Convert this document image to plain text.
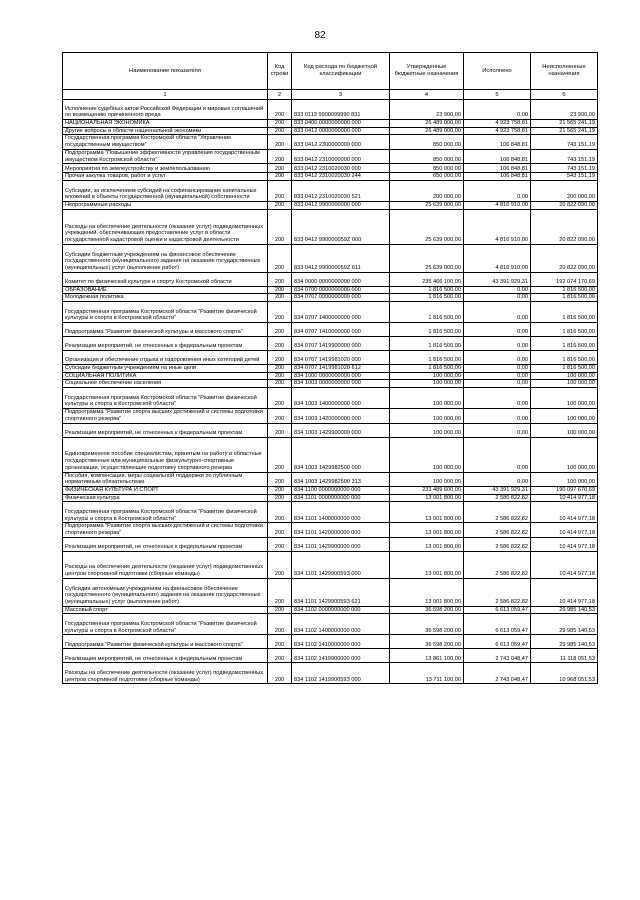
82
Наименование показателя	Код строки	Код расхода по бюджетной классификации	Утвержденные бюджетные назначения	Исполнено	Неисполненные назначения
1	2	3	4	5	6
Исполнение судебных актов Российской Федерации и мировых соглашений по возмещению причиненного вреда	200	833 0113 9900099990 831	23 900,00	0,00	23 900,00
НАЦИОНАЛЬНАЯ ЭКОНОМИКА	200	833 0400 0000000000 000	26 489 000,00	4 923 758,81	21 565 241,19
Другие вопросы в области национальной экономики	200	833 0412 0000000000 000	26 489 000,00	4 923 758,81	21 565 241,19
Государственная программа Костромской области "Управление государственным имуществом"	200	833 0412 2300000000 000	850 000,00	106 848,81	743 151,19
Подпрограмма "Повышение эффективности управления государственным имуществом Костромской области"	200	833 0412 2310000000 000	850 000,00	106 848,81	743 151,19
Мероприятия по землеустройству и землепользованию	200	833 0412 2310020030 000	850 000,00	106 848,81	743 151,19
Прочая закупка товаров, работ и услуг	200	833 0412 2310020030 244	650 000,00	106 848,81	543 151,19
Субсидии, за исключением субсидий на софинансирование капитальных вложений в объекты государственной (муниципальной) собственности	200	833 0412 2310020030 521	200 000,00	0,00	200 000,00
Непрограммные расходы	200	833 0412 9900000000 000	25 639 000,00	4 816 910,00	20 822 090,00
Расходы на обеспечение деятельности (оказание услуг) подведомственных учреждений, обеспечивающих предоставление услуг в области государственной кадастровой оценки и кадастровой деятельности	200	833 0412 990000059Z 000	25 639 000,00	4 816 910,00	20 822 090,00
Субсидии бюджетным учреждениям на финансовое обеспечение государственного (муниципального) задания на оказание государственных (муниципальных) услуг (выполнение работ)	200	833 0412 990000059Z 611	25 639 000,00	4 816 910,00	20 822 090,00
Комитет по физической культуре и спорту Костромской области	200	834 0000 0000000000 000	235 466 100,00	43 391 929,31	192 074 170,69
ОБРАЗОВАНИЕ	200	834 0700 0000000000 000	1 816 500,00	0,00	1 816 500,00
Молодежная политика	200	834 0707 0000000000 000	1 816 500,00	0,00	1 816 500,00
Государственная программа Костромской области "Развитие физической культуры и спорта в Костромской области"	200	834 0707 1400000000 000	1 816 500,00	0,00	1 816 500,00
Подпрограмма "Развитие физической культуры и массового спорта"	200	834 0707 1410000000 000	1 816 500,00	0,00	1 816 500,00
Реализация мероприятий, не отнесенных к федеральным проектам	200	834 0707 1419900000 000	1 816 500,00	0,00	1 816 500,00
Организация и обеспечение отдыха и оздоровления иных категорий детей	200	834 0707 1419981020 000	1 816 500,00	0,00	1 816 500,00
Субсидии бюджетным учреждениям на иные цели	200	834 0707 1419981020 612	1 816 500,00	0,00	1 816 500,00
СОЦИАЛЬНАЯ ПОЛИТИКА	200	834 1000 0000000000 000	100 000,00	0,00	100 000,00
Социальное обеспечение населения	200	834 1003 0000000000 000	100 000,00	0,00	100 000,00
Государственная программа Костромской области "Развитие физической культуры и спорта в Костромской области"	200	834 1003 1400000000 000	100 000,00	0,00	100 000,00
Подпрограмма "Развитие спорта высших достижений и системы подготовки спортивного резерва"	200	834 1003 1420000000 000	100 000,00	0,00	100 000,00
Реализация мероприятий, не отнесенных к федеральным проектам	200	834 1003 1429900000 000	100 000,00	0,00	100 000,00
Единовременное пособие специалистам, принятым на работу в областные государственные или муниципальные физкультурно-спортивные организации, осуществляющие подготовку спортивного резерва	200	834 1003 1429982500 000	100 000,00	0,00	100 000,00
Пособия, компенсации, меры социальной поддержки по публичным нормативным обязательствам	200	834 1003 1429982500 313	100 000,00	0,00	100 000,00
ФИЗИЧЕСКАЯ КУЛЬТУРА И СПОРТ	200	834 1100 0000000000 000	233 489 600,00	43 391 929,31	190 097 670,69
Физическая культура	200	834 1101 0000000000 000	13 001 800,00	2 586 822,82	10 414 977,18
Государственная программа Костромской области "Развитие физической культуры и спорта в Костромской области"	200	834 1101 1400000000 000	13 001 800,00	2 586 822,82	10 414 977,18
Подпрограмма "Развитие спорта высших достижений и системы подготовки спортивного резерва"	200	834 1101 1420000000 000	13 001 800,00	2 586 822,82	10 414 977,18
Реализация мероприятий, не отнесенных к федеральным проектам	200	834 1101 1429900000 000	13 001 800,00	2 586 822,82	10 414 977,18
Расходы на обеспечение деятельности (оказание услуг) подведомственных центров спортивной подготовки (сборные команды)	200	834 1101 142990059З 000	13 001 800,00	2 586 822,82	10 414 977,18
Субсидии автономным учреждениям на финансовое обеспечение государственного (муниципального) задания на оказание государственных (муниципальных) услуг (выполнение работ)	200	834 1101 142990059З 621	13 001 800,00	2 586 822,82	10 414 977,18
Массовый спорт	200	834 1102 0000000000 000	36 598 200,00	6 613 059,47	29 985 140,53
Государственная программа Костромской области "Развитие физической культуры и спорта в Костромской области"	200	834 1102 1400000000 000	36 598 200,00	6 613 059,47	29 985 140,53
Подпрограмма "Развитие физической культуры и массового спорта"	200	834 1102 1410000000 000	36 598 200,00	6 613 059,47	29 985 140,53
Реализация мероприятий, не отнесенных к федеральным проектам	200	834 1102 1419900000 000	13 861 100,00	2 743 048,47	11 118 051,53
Расходы на обеспечение деятельности (оказание услуг) подведомственных центров спортивной подготовки (сборные команды)	200	834 1102 141990059З 000	13 711 100,00	2 743 048,47	10 968 051,53
